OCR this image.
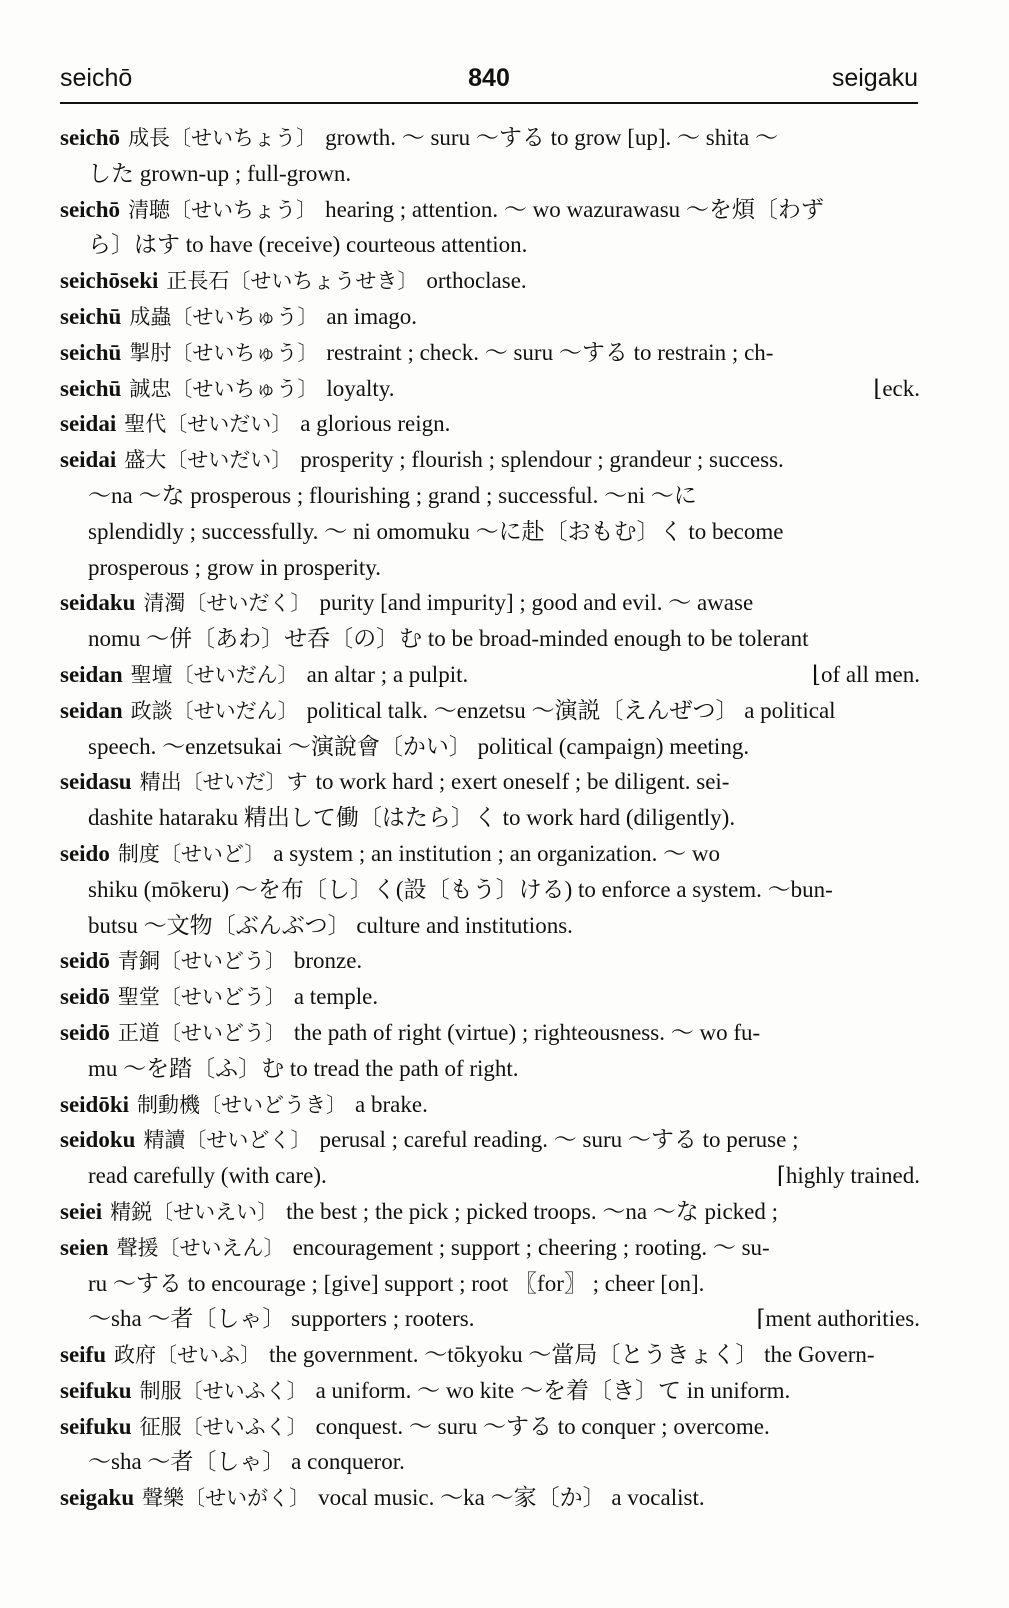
seichō	840	seigaku
seichō 成長〔せいちょう〕 growth. ～ suru ～する to grow [up]. ～ shita ～
した grown-up ; full-grown.
seichō 清聴〔せいちょう〕 hearing ; attention. ～ wo wazurawasu ～を煩〔わず
ら〕はす to have (receive) courteous attention.
seichōseki 正長石〔せいちょうせき〕 orthoclase.
seichū 成蟲〔せいちゅう〕 an imago.
seichū 掣肘〔せいちゅう〕 restraint ; check. ～ suru ～する to restrain ; ch-
seichū 誠忠〔せいちゅう〕 loyalty.	⌊eck.
seidai 聖代〔せいだい〕 a glorious reign.
seidai 盛大〔せいだい〕 prosperity ; flourish ; splendour ; grandeur ; success.
～na ～な prosperous ; flourishing ; grand ; successful. ～ni ～に
splendidly ; successfully. ～ ni omomuku ～に赴〔おもむ〕く to become
prosperous ; grow in prosperity.
seidaku 清濁〔せいだく〕 purity [and impurity] ; good and evil. ～ awase
nomu ～併〔あわ〕せ呑〔の〕む to be broad-minded enough to be tolerant
seidan 聖壇〔せいだん〕 an altar ; a pulpit.	⌊of all men.
seidan 政談〔せいだん〕 political talk. ～enzetsu ～演説〔えんぜつ〕 a political
speech. ～enzetsukai ～演說會〔かい〕 political (campaign) meeting.
seidasu 精出〔せいだ〕す to work hard ; exert oneself ; be diligent. sei-
dashite hataraku 精出して働〔はたら〕く to work hard (diligently).
seido 制度〔せいど〕 a system ; an institution ; an organization. ～ wo
shiku (mōkeru) ～を布〔し〕く(設〔もう〕ける) to enforce a system. ～bun-
butsu ～文物〔ぶんぶつ〕 culture and institutions.
seidō 青銅〔せいどう〕 bronze.
seidō 聖堂〔せいどう〕 a temple.
seidō 正道〔せいどう〕 the path of right (virtue) ; righteousness. ～ wo fu-
mu ～を踏〔ふ〕む to tread the path of right.
seidōki 制動機〔せいどうき〕 a brake.
seidoku 精讀〔せいどく〕 perusal ; careful reading. ～ suru ～する to peruse ;
read carefully (with care).	⌈highly trained.
seiei 精鋭〔せいえい〕 the best ; the pick ; picked troops. ～na ～な picked ;
seien 聲援〔せいえん〕 encouragement ; support ; cheering ; rooting. ～ su-
ru ～する to encourage ; [give] support ; root 〖for〗 ; cheer [on].
～sha ～者〔しゃ〕 supporters ; rooters.	⌈ment authorities.
seifu 政府〔せいふ〕 the government. ～tōkyoku ～當局〔とうきょく〕 the Govern-
seifuku 制服〔せいふく〕 a uniform. ～ wo kite ～を着〔き〕て in uniform.
seifuku 征服〔せいふく〕 conquest. ～ suru ～する to conquer ; overcome.
～sha ～者〔しゃ〕 a conqueror.
seigaku 聲樂〔せいがく〕 vocal music. ～ka ～家〔か〕 a vocalist.
